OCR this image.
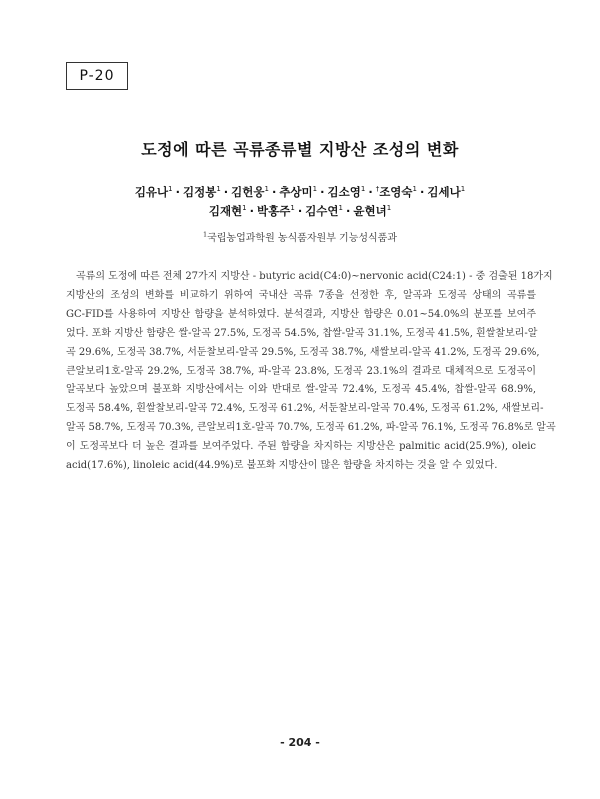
P-20
도정에 따른 곡류종류별 지방산 조성의 변화
김유나$^1$ · 김정봉$^1$ · 김헌웅$^1$ · 추상미$^1$ · 김소영$^1$ · †조영숙$^1$ · 김세나$^1$
김재현$^1$ · 박홍주$^1$ · 김수연$^1$ · 윤현녀$^1$
$^1$국립농업과학원 농식품자원부 기능성식품과
곡류의 도정에 따른 전체 27가지 지방산 - butyric acid(C4:0)~nervonic acid(C24:1) - 중 검출된 18가지
지방산의 조성의 변화를 비교하기 위하여 국내산 곡류 7종을 선정한 후, 알곡과 도정곡 상태의 곡류를
GC-FID를 사용하여 지방산 함량을 분석하였다. 분석결과, 지방산 함량은 0.01~54.0%의 분포를 보여주
었다. 포화 지방산 함량은 쌀-알곡 27.5%, 도정곡 54.5%, 찹쌀-알곡 31.1%, 도정곡 41.5%, 흰쌀찰보리-알
곡 29.6%, 도정곡 38.7%, 서둔찰보리-알곡 29.5%, 도정곡 38.7%, 새쌀보리-알곡 41.2%, 도정곡 29.6%,
큰알보리1호-알곡 29.2%, 도정곡 38.7%, 파-알곡 23.8%, 도정곡 23.1%의 결과로 대체적으로 도정곡이
알곡보다 높았으며 불포화 지방산에서는 이와 반대로 쌀-알곡 72.4%, 도정곡 45.4%, 찹쌀-알곡 68.9%,
도정곡 58.4%, 흰쌀찰보리-알곡 72.4%, 도정곡 61.2%, 서둔찰보리-알곡 70.4%, 도정곡 61.2%, 새쌀보리-
알곡 58.7%, 도정곡 70.3%, 큰알보리1호-알곡 70.7%, 도정곡 61.2%, 파-알곡 76.1%, 도정곡 76.8%로 알곡
이 도정곡보다 더 높은 결과를 보여주었다. 주된 함량을 차지하는 지방산은 palmitic acid(25.9%), oleic
acid(17.6%), linoleic acid(44.9%)로 불포화 지방산이 많은 함량을 차지하는 것을 알 수 있었다.
- 204 -
